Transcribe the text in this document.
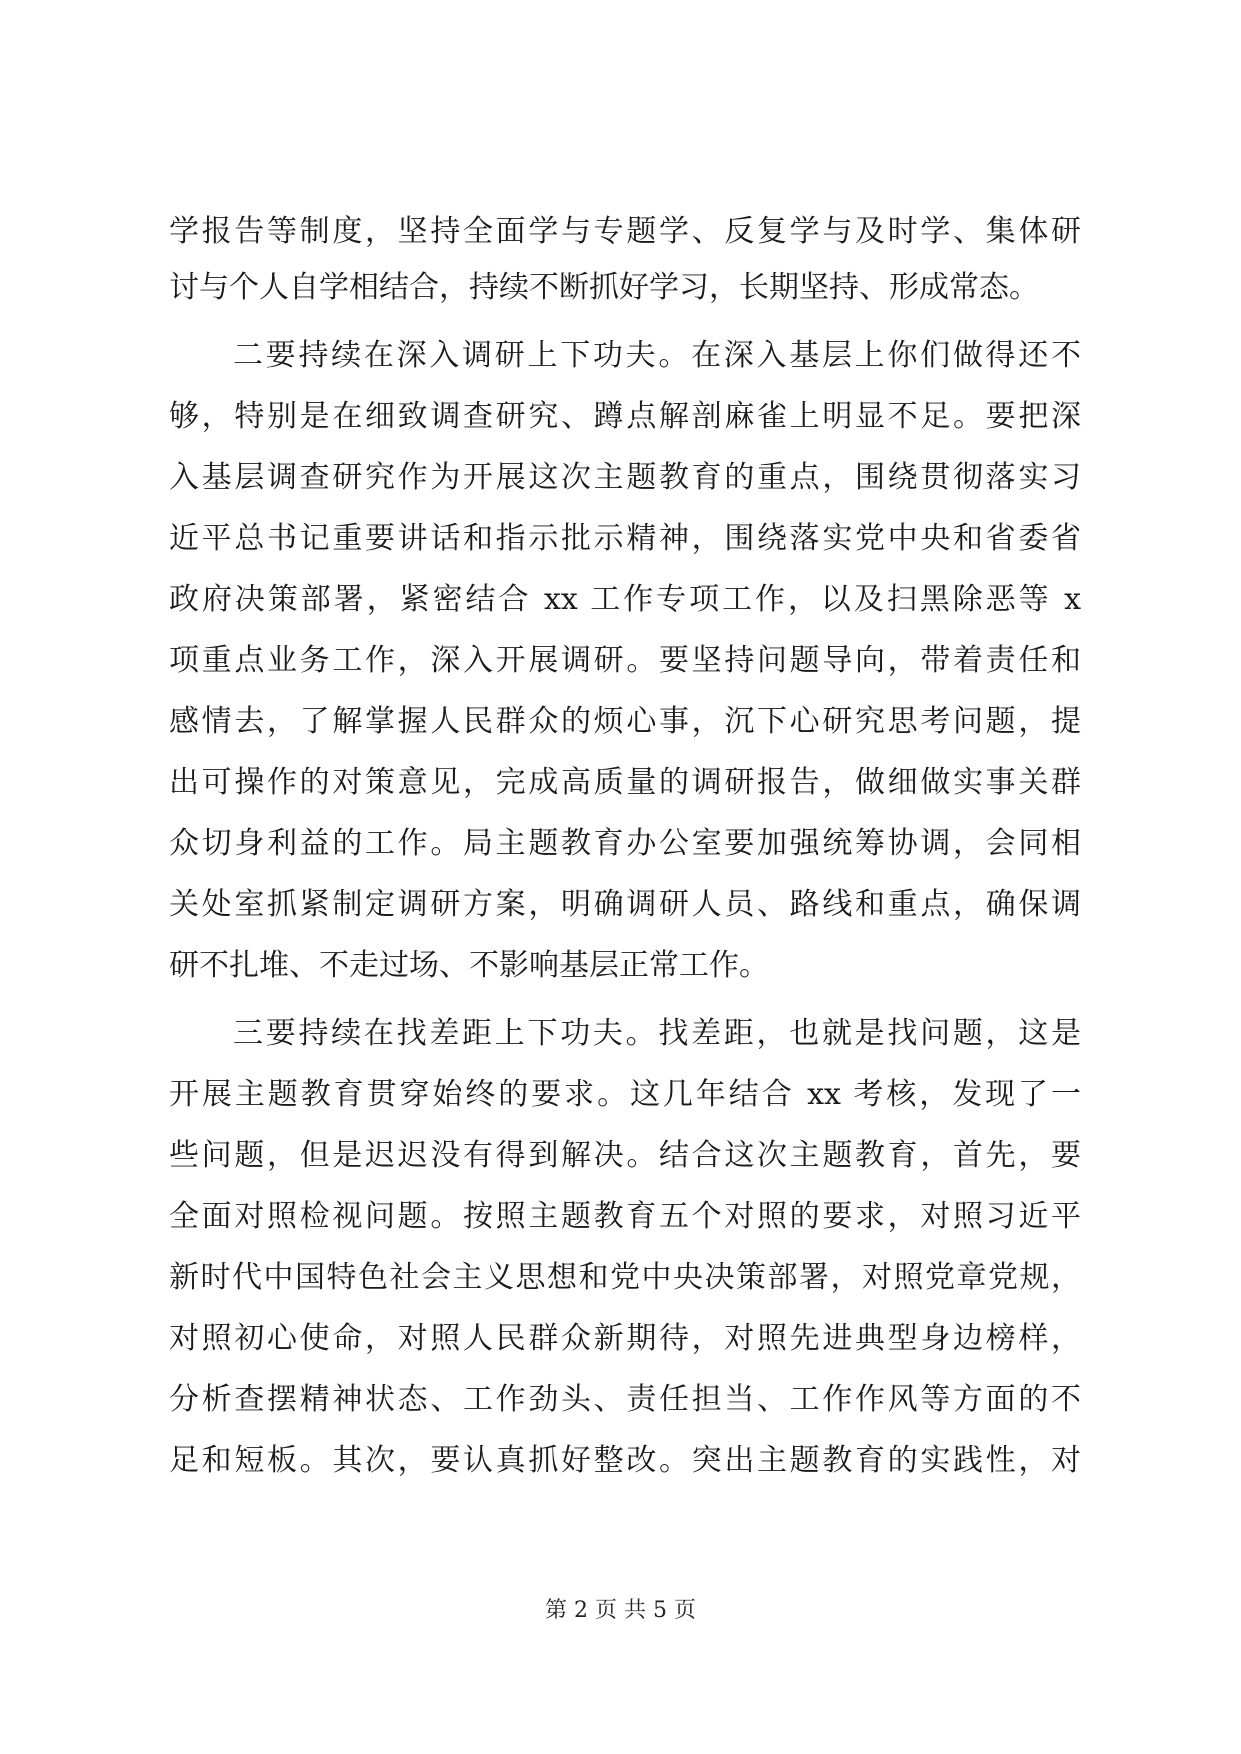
学报告等制度，坚持全面学与专题学、反复学与及时学、集体研
讨与个人自学相结合，持续不断抓好学习，长期坚持、形成常态。
二要持续在深入调研上下功夫。在深入基层上你们做得还不
够，特别是在细致调查研究、蹲点解剖麻雀上明显不足。要把深
入基层调查研究作为开展这次主题教育的重点，围绕贯彻落实习
近平总书记重要讲话和指示批示精神，围绕落实党中央和省委省
政府决策部署，紧密结合 xx 工作专项工作，以及扫黑除恶等 x
项重点业务工作，深入开展调研。要坚持问题导向，带着责任和
感情去，了解掌握人民群众的烦心事，沉下心研究思考问题，提
出可操作的对策意见，完成高质量的调研报告，做细做实事关群
众切身利益的工作。局主题教育办公室要加强统筹协调，会同相
关处室抓紧制定调研方案，明确调研人员、路线和重点，确保调
研不扎堆、不走过场、不影响基层正常工作。
三要持续在找差距上下功夫。找差距，也就是找问题，这是
开展主题教育贯穿始终的要求。这几年结合 xx 考核，发现了一
些问题，但是迟迟没有得到解决。结合这次主题教育，首先，要
全面对照检视问题。按照主题教育五个对照的要求，对照习近平
新时代中国特色社会主义思想和党中央决策部署，对照党章党规，
对照初心使命，对照人民群众新期待，对照先进典型身边榜样，
分析查摆精神状态、工作劲头、责任担当、工作作风等方面的不
足和短板。其次，要认真抓好整改。突出主题教育的实践性，对
第 2 页 共 5 页
